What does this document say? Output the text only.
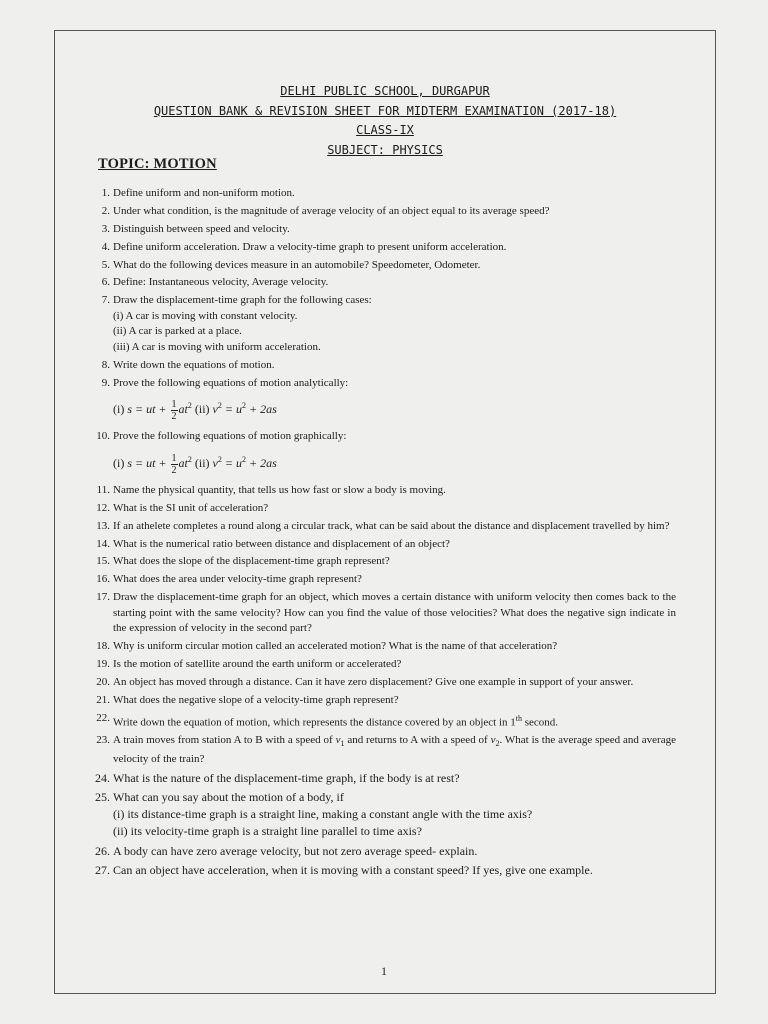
DELHI PUBLIC SCHOOL, DURGAPUR
QUESTION BANK & REVISION SHEET FOR MIDTERM EXAMINATION (2017-18)
CLASS-IX
SUBJECT: PHYSICS
TOPIC: MOTION
1. Define uniform and non-uniform motion.
2. Under what condition, is the magnitude of average velocity of an object equal to its average speed?
3. Distinguish between speed and velocity.
4. Define uniform acceleration. Draw a velocity-time graph to present uniform acceleration.
5. What do the following devices measure in an automobile? Speedometer, Odometer.
6. Define: Instantaneous velocity, Average velocity.
7. Draw the displacement-time graph for the following cases:
(i) A car is moving with constant velocity.
(ii) A car is parked at a place.
(iii) A car is moving with uniform acceleration.
8. Write down the equations of motion.
9. Prove the following equations of motion analytically:
(i) s = ut + $\frac{1}{2} at^2$ (ii) $v^2 = u^2 + 2as$
10. Prove the following equations of motion graphically:
(i) s = ut + $\frac{1}{2} at^2$ (ii) $v^2 = u^2 + 2as$
11. Name the physical quantity, that tells us how fast or slow a body is moving.
12. What is the SI unit of acceleration?
13. If an athelete completes a round along a circular track, what can be said about the distance and displacement travelled by him?
14. What is the numerical ratio between distance and displacement of an object?
15. What does the slope of the displacement-time graph represent?
16. What does the area under velocity-time graph represent?
17. Draw the displacement-time graph for an object, which moves a certain distance with uniform velocity then comes back to the starting point with the same velocity? How can you find the value of those velocities? What does the negative sign indicate in the expression of velocity in the second part?
18. Why is uniform circular motion called an accelerated motion? What is the name of that acceleration?
19. Is the motion of satellite around the earth uniform or accelerated?
20. An object has moved through a distance. Can it have zero displacement? Give one example in support of your answer.
21. What does the negative slope of a velocity-time graph represent?
22. Write down the equation of motion, which represents the distance covered by an object in 1th second.
23. A train moves from station A to B with a speed of $v_1$ and returns to A with a speed of $v_2$. What is the average speed and average velocity of the train?
24. What is the nature of the displacement-time graph, if the body is at rest?
25. What can you say about the motion of a body, if
(i) its distance-time graph is a straight line, making a constant angle with the time axis?
(ii) its velocity-time graph is a straight line parallel to time axis?
26. A body can have zero average velocity, but not zero average speed- explain.
27. Can an object have acceleration, when it is moving with a constant speed? If yes, give one example.
1
